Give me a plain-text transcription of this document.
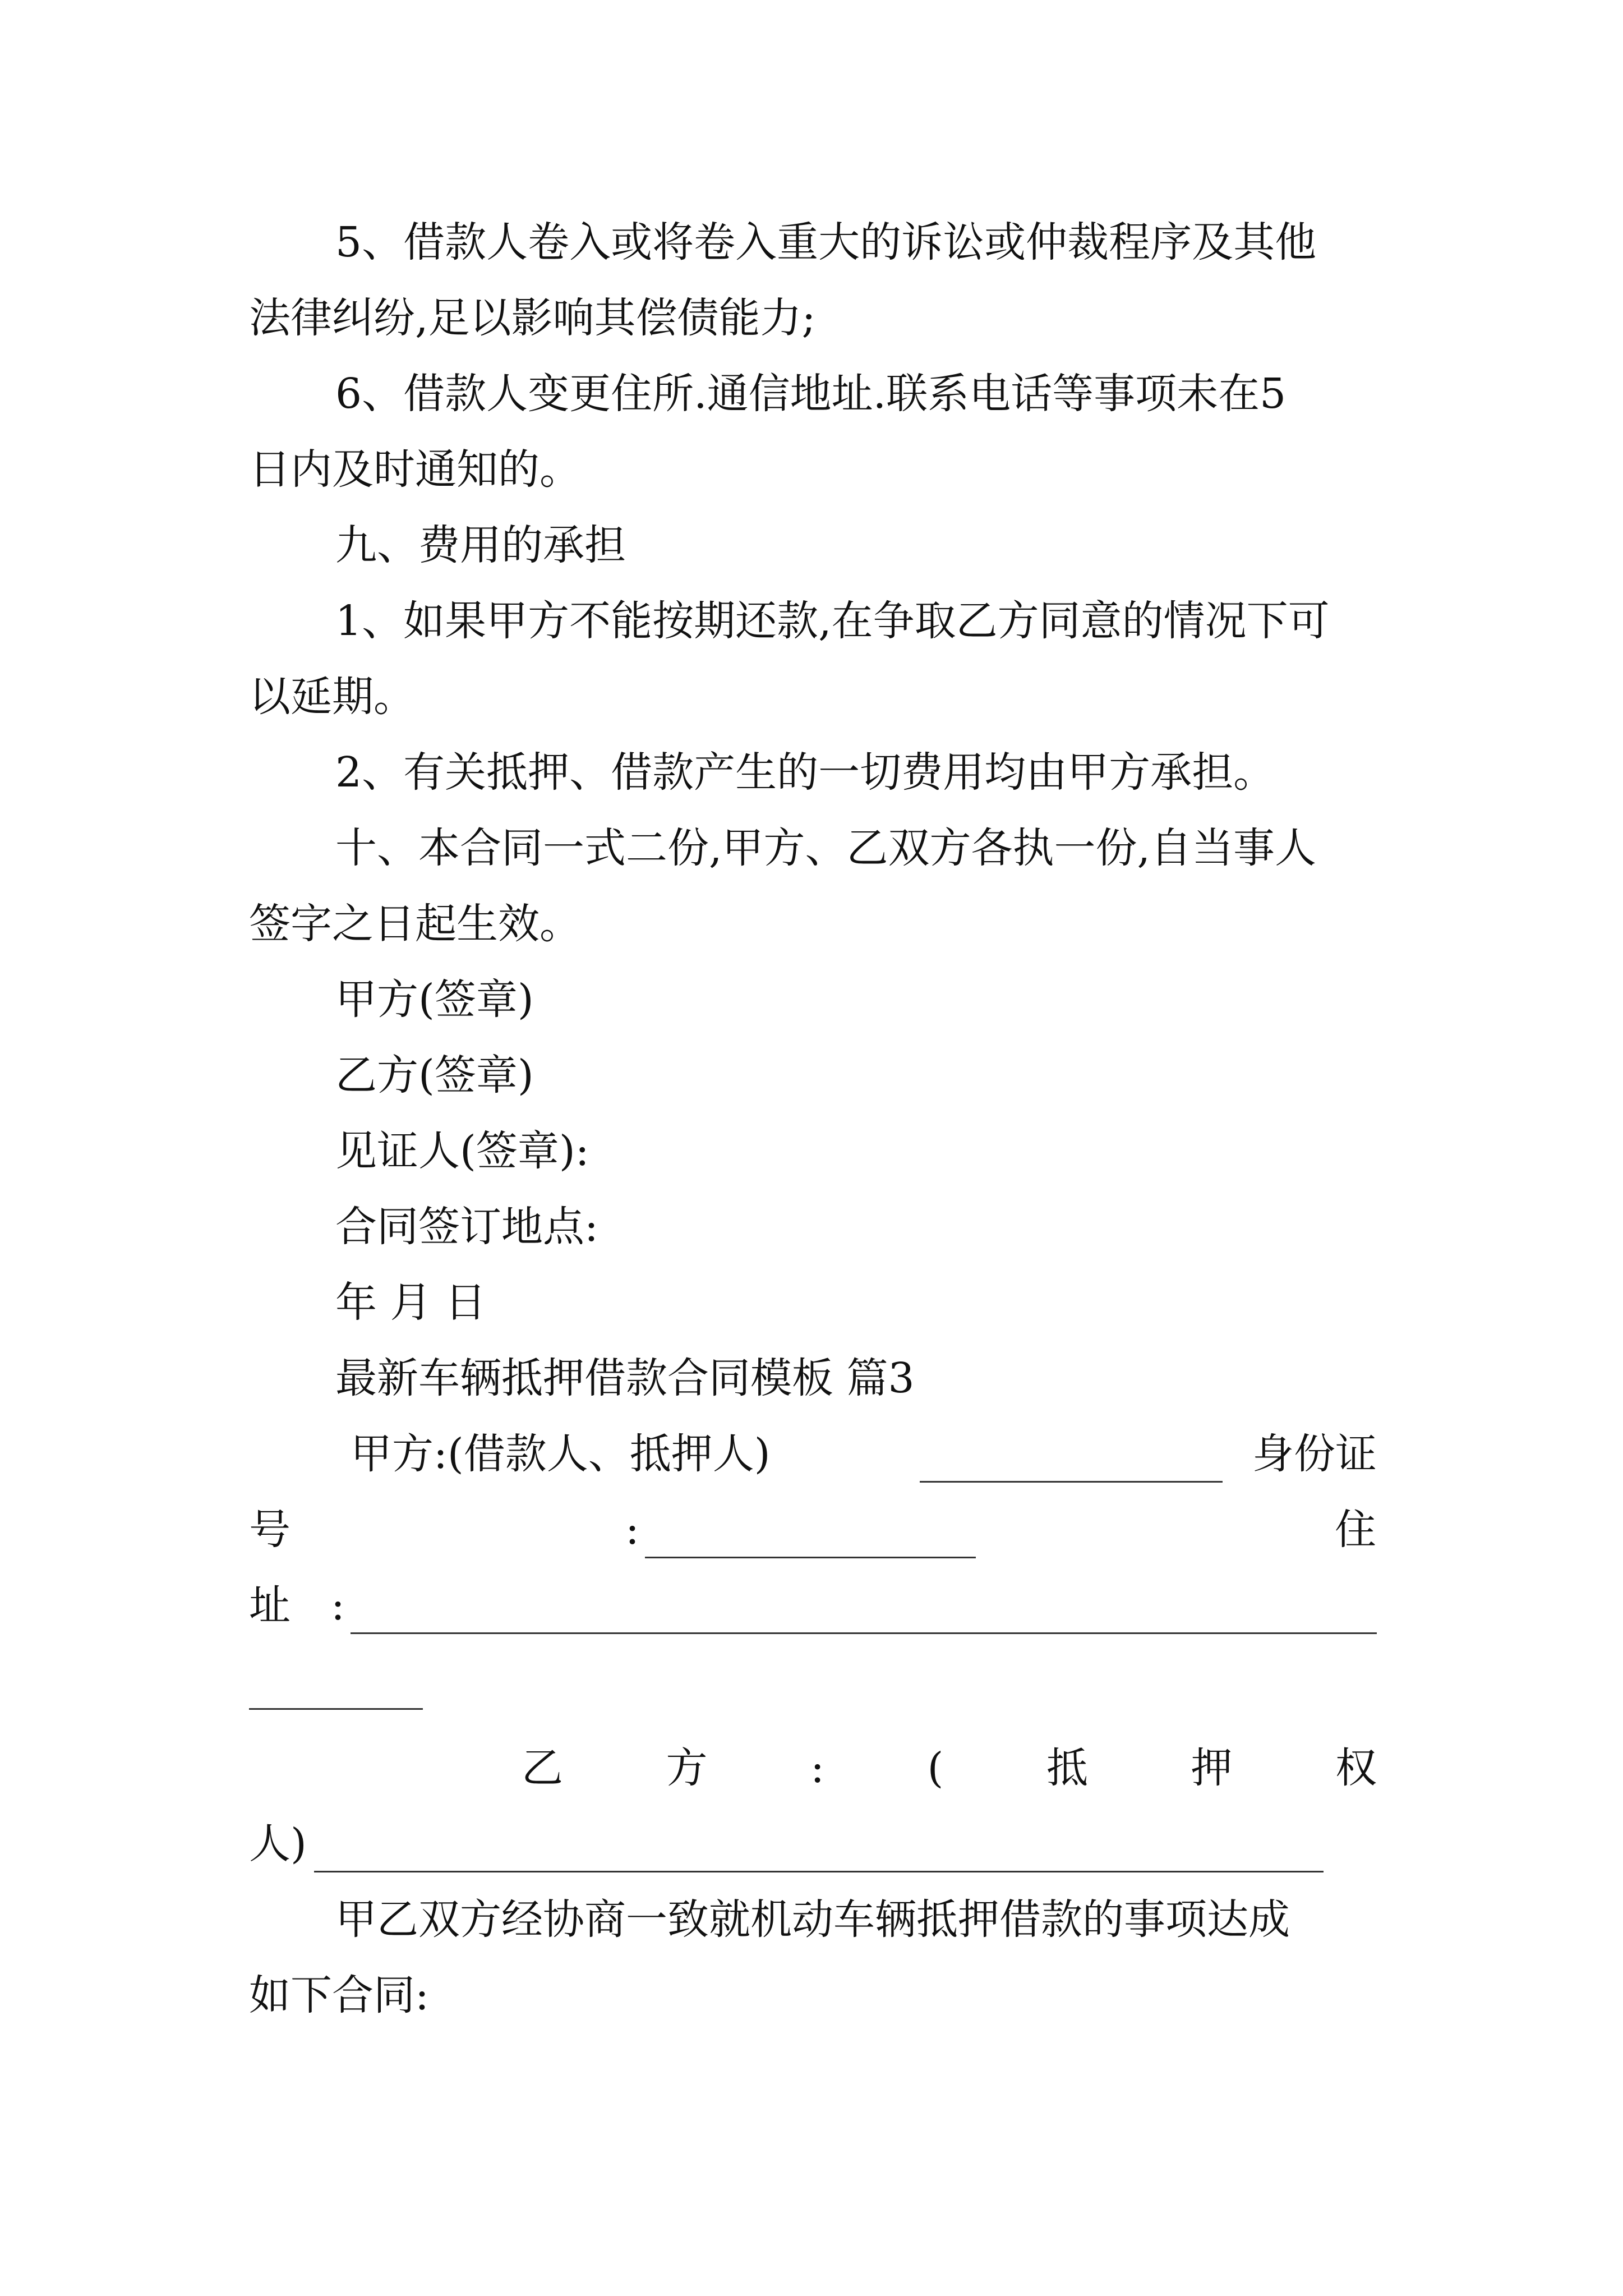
5、借款人卷入或将卷入重大的诉讼或仲裁程序及其他
法律纠纷,足以影响其偿债能力;
6、借款人变更住所.通信地址.联系电话等事项未在5
日内及时通知的。
九、费用的承担
1、如果甲方不能按期还款,在争取乙方同意的情况下可
以延期。
2、有关抵押、借款产生的一切费用均由甲方承担。
十、本合同一式二份,甲方、乙双方各执一份,自当事人
签字之日起生效。
甲方(签章)
乙方(签章)
见证人(签章):
合同签订地点:
年 月 日
最新车辆抵押借款合同模板 篇3
甲方:(借款人、抵押人)	身份证
号	:	住
址 :
乙 方 : ( 抵 押 权
人)
甲乙双方经协商一致就机动车辆抵押借款的事项达成
如下合同:
